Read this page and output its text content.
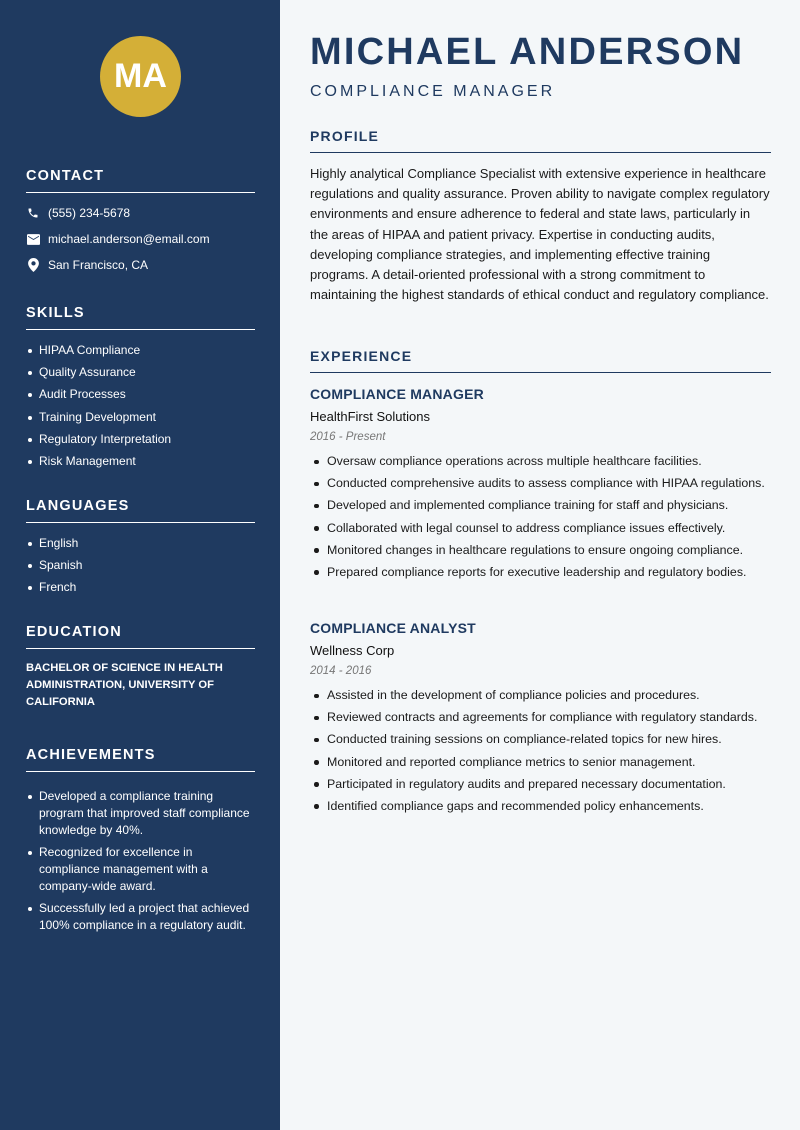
MA
CONTACT
(555) 234-5678
michael.anderson@email.com
San Francisco, CA
SKILLS
HIPAA Compliance
Quality Assurance
Audit Processes
Training Development
Regulatory Interpretation
Risk Management
LANGUAGES
English
Spanish
French
EDUCATION
BACHELOR OF SCIENCE IN HEALTH ADMINISTRATION, UNIVERSITY OF CALIFORNIA
ACHIEVEMENTS
Developed a compliance training program that improved staff compliance knowledge by 40%.
Recognized for excellence in compliance management with a company-wide award.
Successfully led a project that achieved 100% compliance in a regulatory audit.
MICHAEL ANDERSON
COMPLIANCE MANAGER
PROFILE

Highly analytical Compliance Specialist with extensive experience in healthcare regulations and quality assurance. Proven ability to navigate complex regulatory environments and ensure adherence to federal and state laws, particularly in the areas of HIPAA and patient privacy. Expertise in conducting audits, developing compliance strategies, and implementing effective training programs. A detail-oriented professional with a strong commitment to maintaining the highest standards of ethical conduct and regulatory compliance.

EXPERIENCE
COMPLIANCE MANAGER
HealthFirst Solutions
2016 - Present
Oversaw compliance operations across multiple healthcare facilities.
Conducted comprehensive audits to assess compliance with HIPAA regulations.
Developed and implemented compliance training for staff and physicians.
Collaborated with legal counsel to address compliance issues effectively.
Monitored changes in healthcare regulations to ensure ongoing compliance.
Prepared compliance reports for executive leadership and regulatory bodies.
COMPLIANCE ANALYST
Wellness Corp
2014 - 2016
Assisted in the development of compliance policies and procedures.
Reviewed contracts and agreements for compliance with regulatory standards.
Conducted training sessions on compliance-related topics for new hires.
Monitored and reported compliance metrics to senior management.
Participated in regulatory audits and prepared necessary documentation.
Identified compliance gaps and recommended policy enhancements.
